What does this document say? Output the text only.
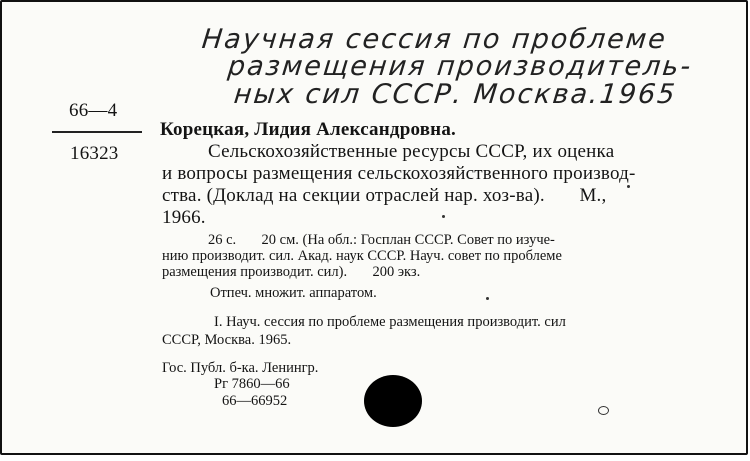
Научная сессия по проблеме
размещения производитель-
ных сил СССР. Москва.1965
66—4
16323
Корецкая, Лидия Александровна.
Сельскохозяйственные ресурсы СССР, их оценка
и вопросы размещения сельскохозяйственного производ-
ства. (Доклад на секции отраслей нар. хоз-ва).       М.,
1966.
26 с.       20 см. (На обл.: Госплан СССР. Совет по изуче-
нию производит. сил. Акад. наук СССР. Науч. совет по проблеме
размещения производит. сил).       200 экз.
Отпеч. множит. аппаратом.
I. Науч. сессия по проблеме размещения производит. сил
СССР, Москва. 1965.
Гос. Публ. б-ка. Ленингр.
Рг 7860—66
66—66952
